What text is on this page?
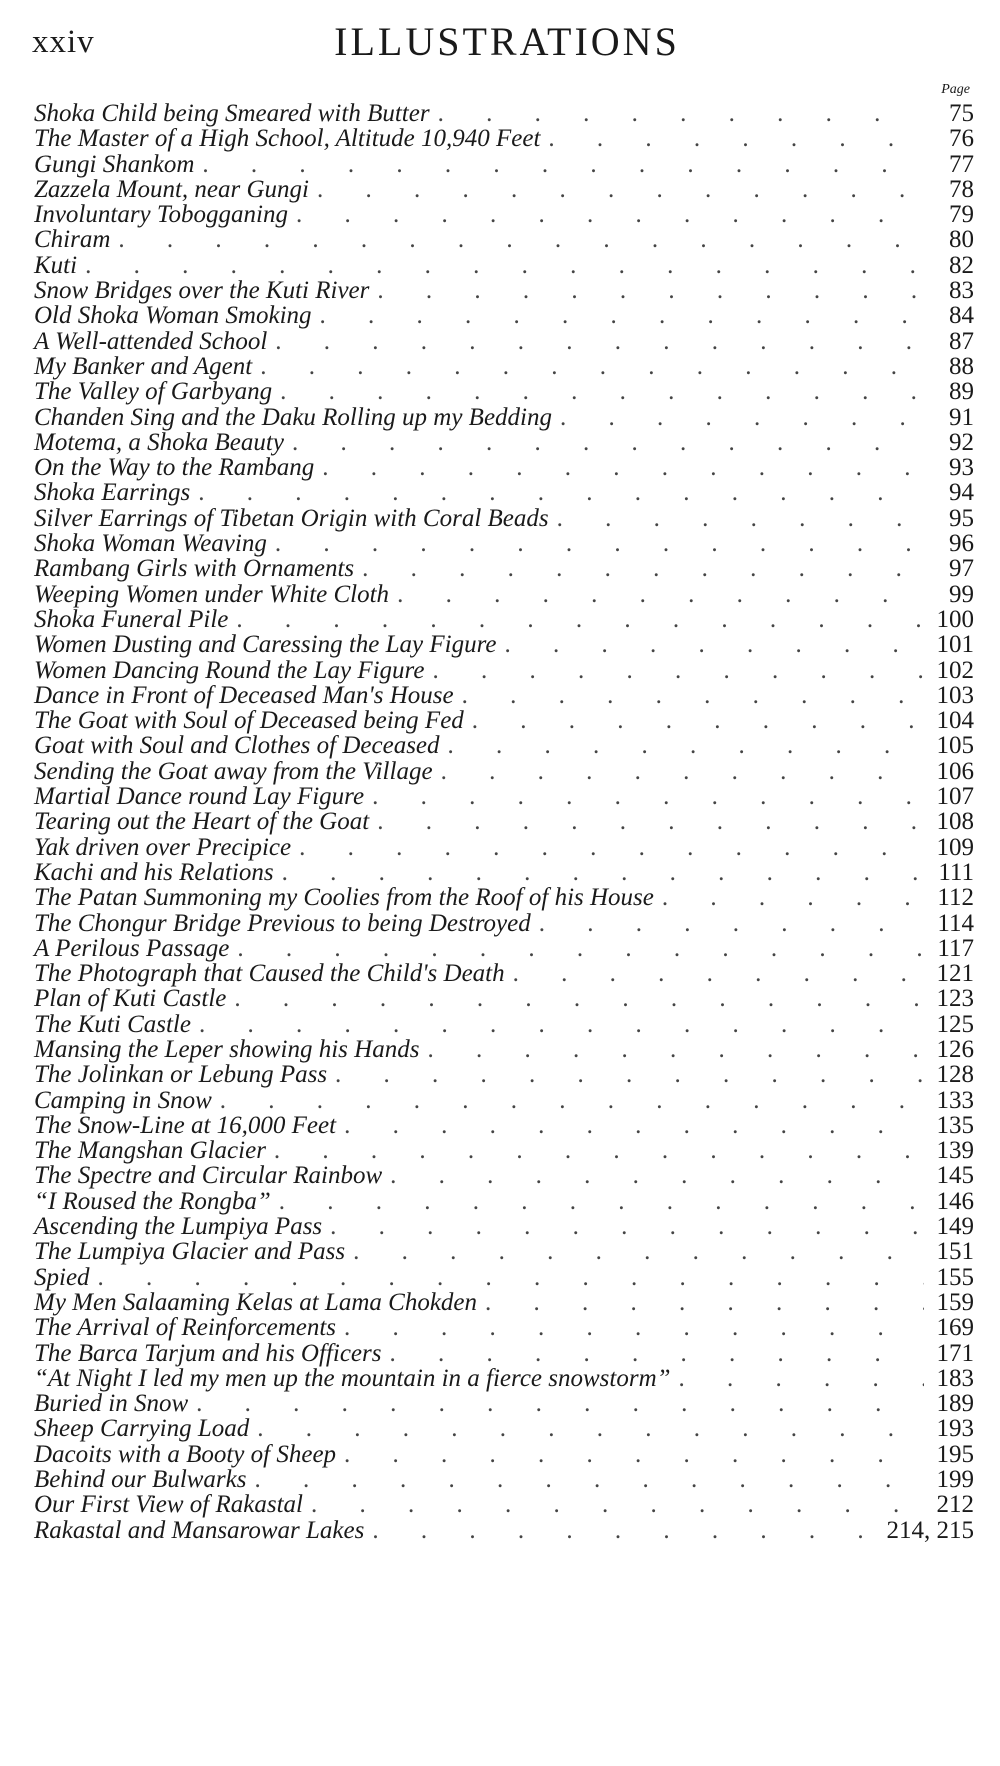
xxiv	ILLUSTRATIONS
Page
Shoka Child being Smeared with Butter . . .	75
The Master of a High School, Altitude 10,940 Feet . . .	76
Gungi Shankom . . .	77
Zazzela Mount, near Gungi . . .	78
Involuntary Tobogganing . . .	79
Chiram . . .	80
Kuti . . .	82
Snow Bridges over the Kuti River . . .	83
Old Shoka Woman Smoking . . .	84
A Well-attended School . . .	87
My Banker and Agent . . .	88
The Valley of Garbyang . . .	89
Chanden Sing and the Daku Rolling up my Bedding . . .	91
Motema, a Shoka Beauty . . .	92
On the Way to the Rambang . . .	93
Shoka Earrings . . .	94
Silver Earrings of Tibetan Origin with Coral Beads . . .	95
Shoka Woman Weaving . . .	96
Rambang Girls with Ornaments . . .	97
Weeping Women under White Cloth . . .	99
Shoka Funeral Pile . . .	100
Women Dusting and Caressing the Lay Figure . . .	101
Women Dancing Round the Lay Figure . . .	102
Dance in Front of Deceased Man's House . . .	103
The Goat with Soul of Deceased being Fed . . .	104
Goat with Soul and Clothes of Deceased . . .	105
Sending the Goat away from the Village . . .	106
Martial Dance round Lay Figure . . .	107
Tearing out the Heart of the Goat . . .	108
Yak driven over Precipice . . .	109
Kachi and his Relations . . .	111
The Patan Summoning my Coolies from the Roof of his House . . .	112
The Chongur Bridge Previous to being Destroyed . . .	114
A Perilous Passage . . .	117
The Photograph that Caused the Child's Death . . .	121
Plan of Kuti Castle . . .	123
The Kuti Castle . . .	125
Mansing the Leper showing his Hands . . .	126
The Jolinkan or Lebung Pass . . .	128
Camping in Snow . . .	133
The Snow-Line at 16,000 Feet . . .	135
The Mangshan Glacier . . .	139
The Spectre and Circular Rainbow . . .	145
“I Roused the Rongba” . . .	146
Ascending the Lumpiya Pass . . .	149
The Lumpiya Glacier and Pass . . .	151
Spied . . .	155
My Men Salaaming Kelas at Lama Chokden . . .	159
The Arrival of Reinforcements . . .	169
The Barca Tarjum and his Officers . . .	171
“At Night I led my men up the mountain in a fierce snowstorm” . . .	183
Buried in Snow . . .	189
Sheep Carrying Load . . .	193
Dacoits with a Booty of Sheep . . .	195
Behind our Bulwarks . . .	199
Our First View of Rakastal . . .	212
Rakastal and Mansarowar Lakes . . .	214, 215
